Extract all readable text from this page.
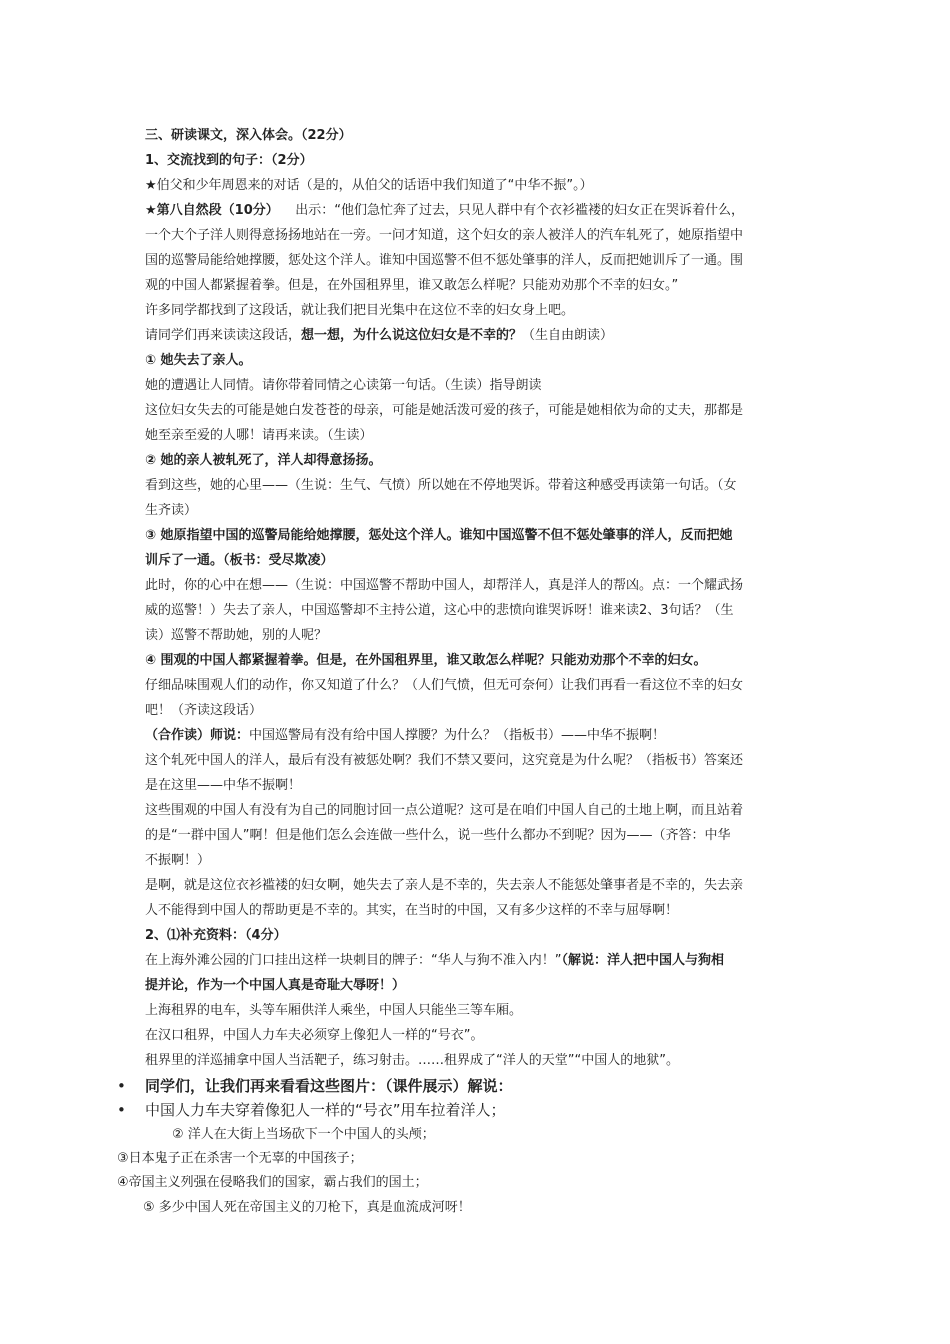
三、研读课文，深入体会。（22分）
1、交流找到的句子：（2分）
★伯父和少年周恩来的对话（是的，从伯父的话语中我们知道了“中华不振”。）
★第八自然段（10分） 出示：“他们急忙奔了过去，只见人群中有个衣衫褴褛的妇女正在哭诉着什么，
一个大个子洋人则得意扬扬地站在一旁。一问才知道，这个妇女的亲人被洋人的汽车轧死了，她原指望中
国的巡警局能给她撑腰，惩处这个洋人。谁知中国巡警不但不惩处肇事的洋人，反而把她训斥了一通。围
观的中国人都紧握着拳。但是，在外国租界里，谁又敢怎么样呢？只能劝劝那个不幸的妇女。”
许多同学都找到了这段话，就让我们把目光集中在这位不幸的妇女身上吧。
请同学们再来读读这段话，想一想，为什么说这位妇女是不幸的？（生自由朗读）
① 她失去了亲人。
她的遭遇让人同情。请你带着同情之心读第一句话。（生读）指导朗读
这位妇女失去的可能是她白发苍苍的母亲，可能是她活泼可爱的孩子，可能是她相依为命的丈夫，那都是
她至亲至爱的人哪！请再来读。（生读）
② 她的亲人被轧死了，洋人却得意扬扬。
看到这些，她的心里——（生说：生气、气愤）所以她在不停地哭诉。带着这种感受再读第一句话。（女
生齐读）
③ 她原指望中国的巡警局能给她撑腰，惩处这个洋人。谁知中国巡警不但不惩处肇事的洋人，反而把她
训斥了一通。（板书：受尽欺凌）
此时，你的心中在想——（生说：中国巡警不帮助中国人，却帮洋人，真是洋人的帮凶。点：一个耀武扬
威的巡警！）失去了亲人，中国巡警却不主持公道，这心中的悲愤向谁哭诉呀！谁来读2、3句话？（生
读）巡警不帮助她，别的人呢？
④ 围观的中国人都紧握着拳。但是，在外国租界里，谁又敢怎么样呢？只能劝劝那个不幸的妇女。
仔细品味围观人们的动作，你又知道了什么？（人们气愤，但无可奈何）让我们再看一看这位不幸的妇女
吧！（齐读这段话）
（合作读）师说：中国巡警局有没有给中国人撑腰？为什么？（指板书）——中华不振啊！
这个轧死中国人的洋人，最后有没有被惩处啊？我们不禁又要问，这究竟是为什么呢？（指板书）答案还
是在这里——中华不振啊！
这些围观的中国人有没有为自己的同胞讨回一点公道呢？这可是在咱们中国人自己的土地上啊，而且站着
的是“一群中国人”啊！但是他们怎么会连做一些什么，说一些什么都办不到呢？因为——（齐答：中华
不振啊！）
是啊，就是这位衣衫褴褛的妇女啊，她失去了亲人是不幸的，失去亲人不能惩处肇事者是不幸的，失去亲
人不能得到中国人的帮助更是不幸的。其实，在当时的中国，又有多少这样的不幸与屈辱啊！
2、⑴补充资料：（4分）
在上海外滩公园的门口挂出这样一块刺目的牌子：“华人与狗不准入内！”（解说：洋人把中国人与狗相
提并论，作为一个中国人真是奇耻大辱呀！）
上海租界的电车，头等车厢供洋人乘坐，中国人只能坐三等车厢。
在汉口租界，中国人力车夫必须穿上像犯人一样的“号衣”。
租界里的洋巡捕拿中国人当活靶子，练习射击。……租界成了“洋人的天堂”“中国人的地狱”。
• 同学们，让我们再来看看这些图片：（课件展示）解说：
• 中国人力车夫穿着像犯人一样的“号衣”用车拉着洋人；
② 洋人在大街上当场砍下一个中国人的头颅；
③日本鬼子正在杀害一个无辜的中国孩子；
④帝国主义列强在侵略我们的国家，霸占我们的国土；
⑤ 多少中国人死在帝国主义的刀枪下，真是血流成河呀！
